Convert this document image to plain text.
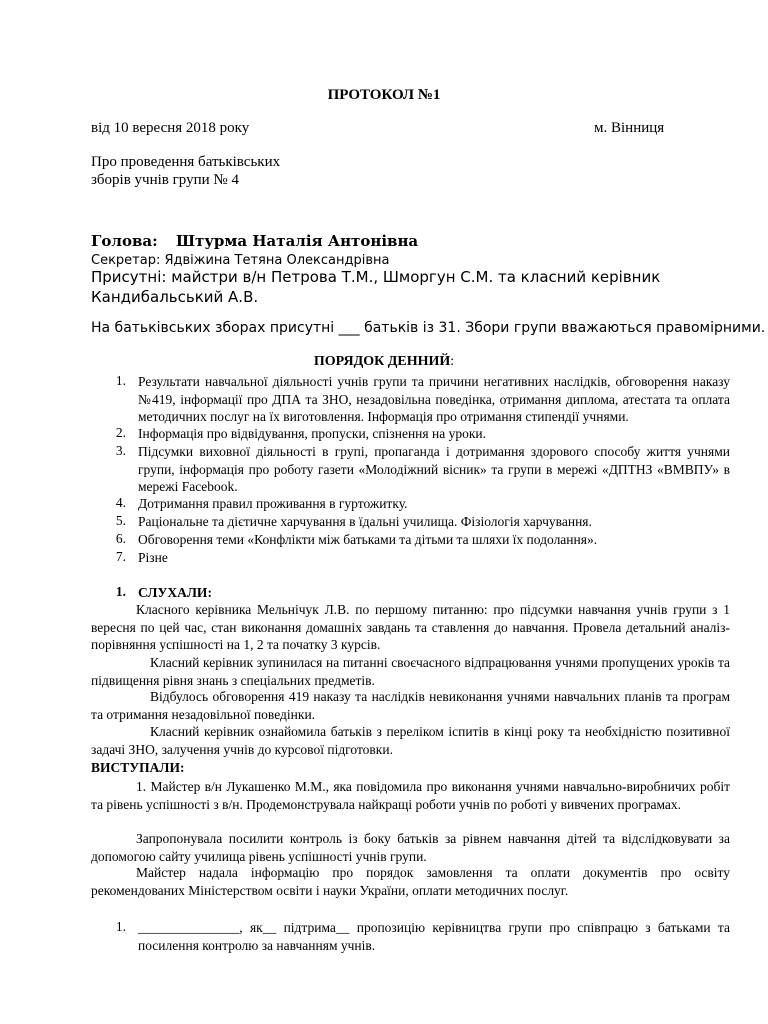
ПРОТОКОЛ №1
від 10 вересня 2018 року	м. Вінниця
Про проведення батьківських
зборів учнів групи № 4
Голова: Штурма Наталія Антонівна
Секретар: Ядвіжина Тетяна Олександрівна
Присутні: майстри в/н Петрова Т.М., Шморгун С.М. та класний керівник
Кандибальський А.В.
На батьківських зборах присутні ___ батьків із 31. Збори групи вважаються правомірними.
ПОРЯДОК ДЕННИЙ:
1. Результати навчальної діяльності учнів групи та причини негативних наслідків, обговорення наказу №419, інформації про ДПА та ЗНО, незадовільна поведінка, отримання диплома, атестата та оплата методичних послуг на їх виготовлення. Інформація про отримання стипендії учнями.
2. Інформація про відвідування, пропуски, спізнення на уроки.
3. Підсумки виховної діяльності в групі, пропаганда і дотримання здорового способу життя учнями групи, інформація про роботу газети «Молодіжний вісник» та групи в мережі «ДПТНЗ «ВМВПУ» в мережі Facebook.
4. Дотримання правил проживання в гуртожитку.
5. Раціональне та дієтичне харчування в їдальні училища. Фізіологія харчування.
6. Обговорення теми «Конфлікти між батьками та дітьми та шляхи їх подолання».
7. Різне
1. СЛУХАЛИ:
Класного керівника Мельнічук Л.В. по першому питанню: про підсумки навчання учнів групи з 1 вересня по цей час, стан виконання домашніх завдань та ставлення до навчання. Провела детальний аналіз-порівняння успішності на 1, 2 та початку 3 курсів.
Класний керівник зупинилася на питанні своєчасного відпрацювання учнями пропущених уроків та підвищення рівня знань з спеціальних предметів.
Відбулось обговорення 419 наказу та наслідків невиконання учнями навчальних планів та програм та отримання незадовільної поведінки.
Класний керівник ознайомила батьків з переліком іспитів в кінці року та необхідністю позитивної задачі ЗНО, залучення учнів до курсової підготовки.
ВИСТУПАЛИ:
1. Майстер в/н Лукашенко М.М., яка повідомила про виконання учнями навчально-виробничих робіт та рівень успішності з в/н. Продемонструвала найкращі роботи учнів по роботі у вивчених програмах.
Запропонувала посилити контроль із боку батьків за рівнем навчання дітей та відслідковувати за допомогою сайту училища рівень успішності учнів групи.
Майстер надала інформацію про порядок замовлення та оплати документів про освіту рекомендованих Міністерством освіти і науки України, оплати методичних послуг.
1. _______________, як__ підтрима__ пропозицію керівництва групи про співпрацю з батьками та посилення контролю за навчанням учнів.
